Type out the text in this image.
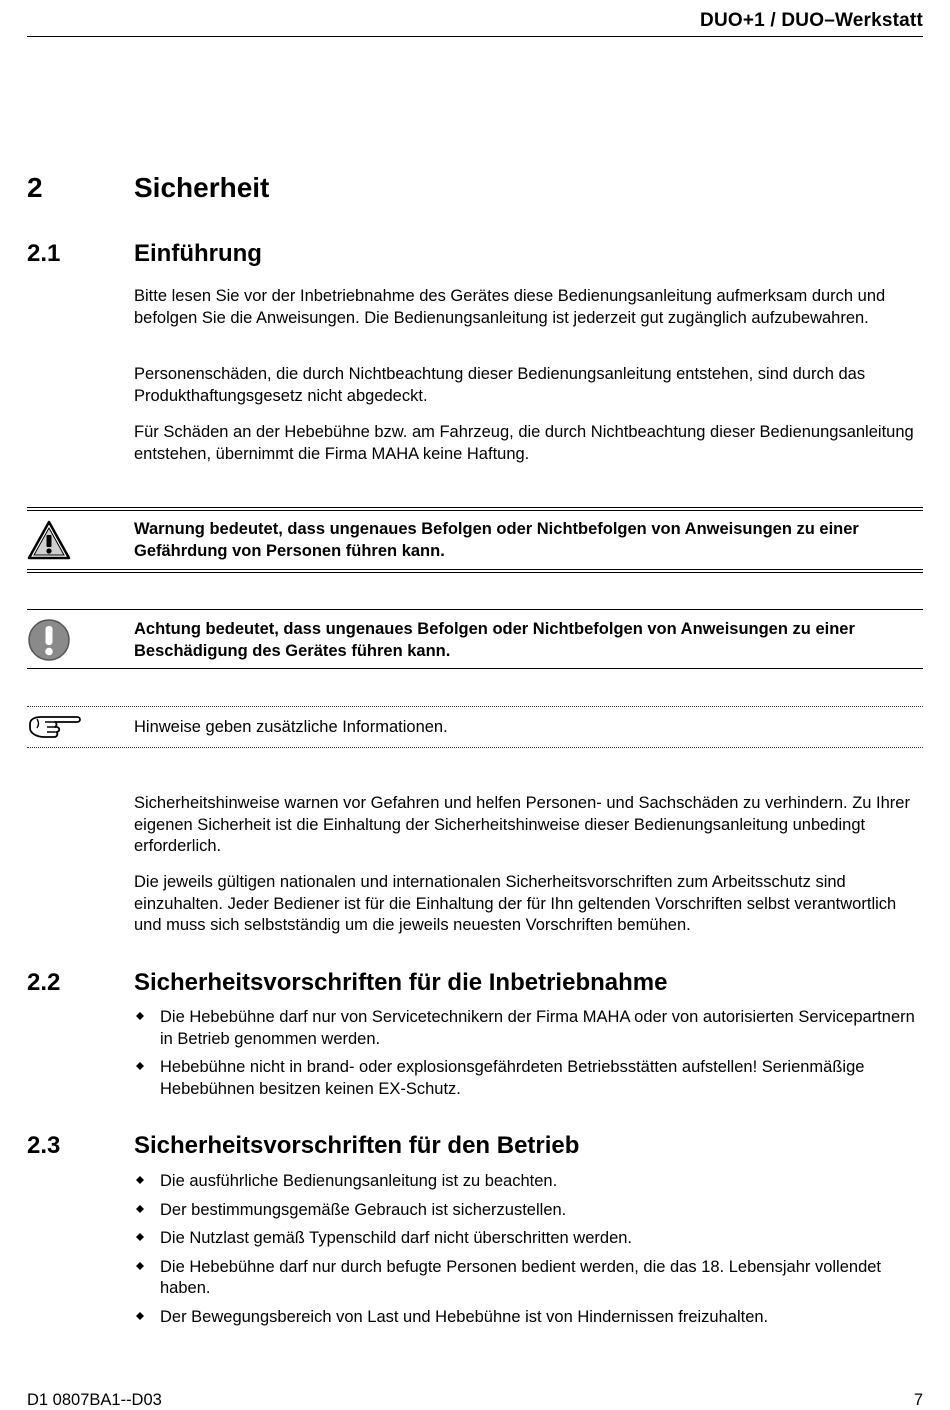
DUO+1 / DUO–Werkstatt
2	Sicherheit
2.1	Einführung
Bitte lesen Sie vor der Inbetriebnahme des Gerätes diese Bedienungsanleitung aufmerksam durch und befolgen Sie die Anweisungen. Die Bedienungsanleitung ist jederzeit gut zugänglich aufzubewahren.
Personenschäden, die durch Nichtbeachtung dieser Bedienungsanleitung entstehen, sind durch das Produkthaftungsgesetz nicht abgedeckt.
Für Schäden an der Hebebühne bzw. am Fahrzeug, die durch Nichtbeachtung dieser Bedienungsanleitung entstehen, übernimmt die Firma MAHA keine Haftung.
Warnung bedeutet, dass ungenaues Befolgen oder Nichtbefolgen von Anweisungen zu einer Gefährdung von Personen führen kann.
Achtung bedeutet, dass ungenaues Befolgen oder Nichtbefolgen von Anweisungen zu einer Beschädigung des Gerätes führen kann.
Hinweise geben zusätzliche Informationen.
Sicherheitshinweise warnen vor Gefahren und helfen Personen- und Sachschäden zu verhindern. Zu Ihrer eigenen Sicherheit ist die Einhaltung der Sicherheitshinweise dieser Bedienungsanleitung unbedingt erforderlich.
Die jeweils gültigen nationalen und internationalen Sicherheitsvorschriften zum Arbeitsschutz sind einzuhalten. Jeder Bediener ist für die Einhaltung der für Ihn geltenden Vorschriften selbst verantwortlich und muss sich selbstständig um die jeweils neuesten Vorschriften bemühen.
2.2	Sicherheitsvorschriften für die Inbetriebnahme
Die Hebebühne darf nur von Servicetechnikern der Firma MAHA oder von autorisierten Servicepartnern in Betrieb genommen werden.
Hebebühne nicht in brand- oder explosionsgefährdeten Betriebsstätten aufstellen! Serienmäßige Hebebühnen besitzen keinen EX-Schutz.
2.3	Sicherheitsvorschriften für den Betrieb
Die ausführliche Bedienungsanleitung ist zu beachten.
Der bestimmungsgemäße Gebrauch ist sicherzustellen.
Die Nutzlast gemäß Typenschild darf nicht überschritten werden.
Die Hebebühne darf nur durch befugte Personen bedient werden, die das 18. Lebensjahr vollendet haben.
Der Bewegungsbereich von Last und Hebebühne ist von Hindernissen freizuhalten.
D1 0807BA1--D03	7
